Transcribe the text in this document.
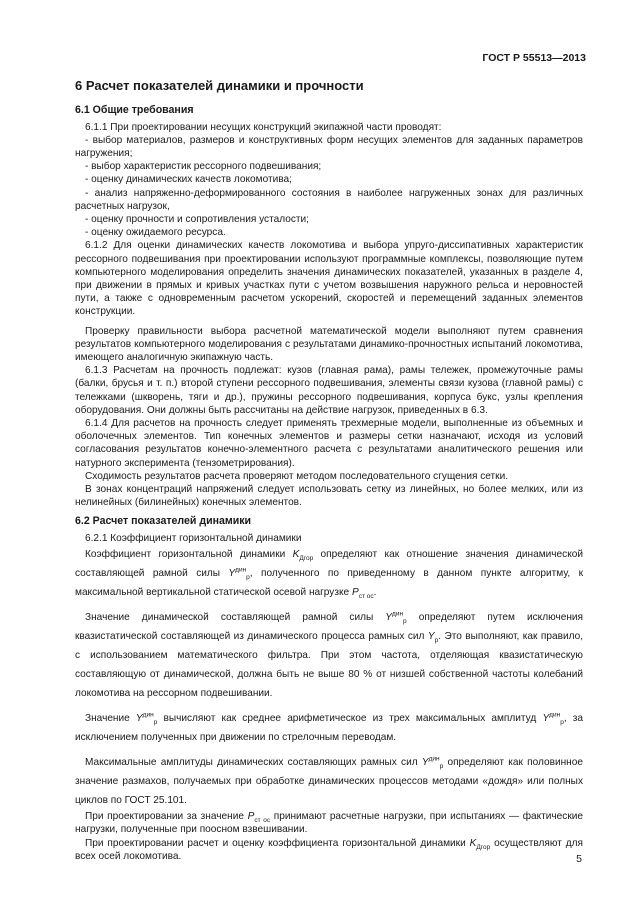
ГОСТ Р 55513—2013
6 Расчет показателей динамики и прочности
6.1 Общие требования

6.1.1 При проектировании несущих конструкций экипажной части проводят:

- выбор материалов, размеров и конструктивных форм несущих элементов для заданных параметров нагружения;

- выбор характеристик рессорного подвешивания;

- оценку динамических качеств локомотива;

- анализ напряженно-деформированного состояния в наиболее нагруженных зонах для различных расчетных нагрузок,

- оценку прочности и сопротивления усталости;

- оценку ожидаемого ресурса.

6.1.2 Для оценки динамических качеств локомотива и выбора упруго-диссипативных характеристик рессорного подвешивания при проектировании используют программные комплексы, позволяющие путем компьютерного моделирования определить значения динамических показателей, указанных в разделе 4, при движении в прямых и кривых участках пути с учетом возвышения наружного рельса и неровностей пути, а также с одновременным расчетом ускорений, скоростей и перемещений заданных элементов конструкции.

Проверку правильности выбора расчетной математической модели выполняют путем сравнения результатов компьютерного моделирования с результатами динамико-прочностных испытаний локомотива, имеющего аналогичную экипажную часть.

6.1.3 Расчетам на прочность подлежат: кузов (главная рама), рамы тележек, промежуточные рамы (балки, брусья и т. п.) второй ступени рессорного подвешивания, элементы связи кузова (главной рамы) с тележками (шкворень, тяги и др.), пружины рессорного подвешивания, корпуса букс, узлы крепления оборудования. Они должны быть рассчитаны на действие нагрузок, приведенных в 6.3.

6.1.4 Для расчетов на прочность следует применять трехмерные модели, выполненные из объемных и оболочечных элементов. Тип конечных элементов и размеры сетки назначают, исходя из условий согласования результатов конечно-элементного расчета с результатами аналитического решения или натурного эксперимента (тензометрирования).

Сходимость результатов расчета проверяют методом последовательного сгущения сетки.

В зонах концентраций напряжений следует использовать сетку из линейных, но более мелких, или из нелинейных (билинейных) конечных элементов.

6.2 Расчет показателей динамики

6.2.1 Коэффициент горизонтальной динамики

Коэффициент горизонтальной динамики $K_{Дгор}$ определяют как отношение значения динамической составляющей рамной силы $Y^{дин}_р$, полученного по приведенному в данном пункте алгоритму, к максимальной вертикальной статической осевой нагрузке $P_{ст ос}$.

Значение динамической составляющей рамной силы $Y^{дин}_р$ определяют путем исключения квазистатической составляющей из динамического процесса рамных сил $Y_р$. Это выполняют, как правило, с использованием математического фильтра. При этом частота, отделяющая квазистатическую составляющую от динамической, должна быть не выше 80 % от низшей собственной частоты колебаний локомотива на рессорном подвешивании.

Значение $Y^{дин}_р$ вычисляют как среднее арифметическое из трех максимальных амплитуд $Y^{дин}_р$, за исключением полученных при движении по стрелочным переводам.

Максимальные амплитуды динамических составляющих рамных сил $Y^{дин}_р$ определяют как половинное значение размахов, получаемых при обработке динамических процессов методами «дождя» или полных циклов по ГОСТ 25.101.

При проектировании за значение $P_{ст ос}$ принимают расчетные нагрузки, при испытаниях — фактические нагрузки, полученные при поосном взвешивании.

При проектировании расчет и оценку коэффициента горизонтальной динамики $K_{Дгор}$ осуществляют для всех осей локомотива.	5
